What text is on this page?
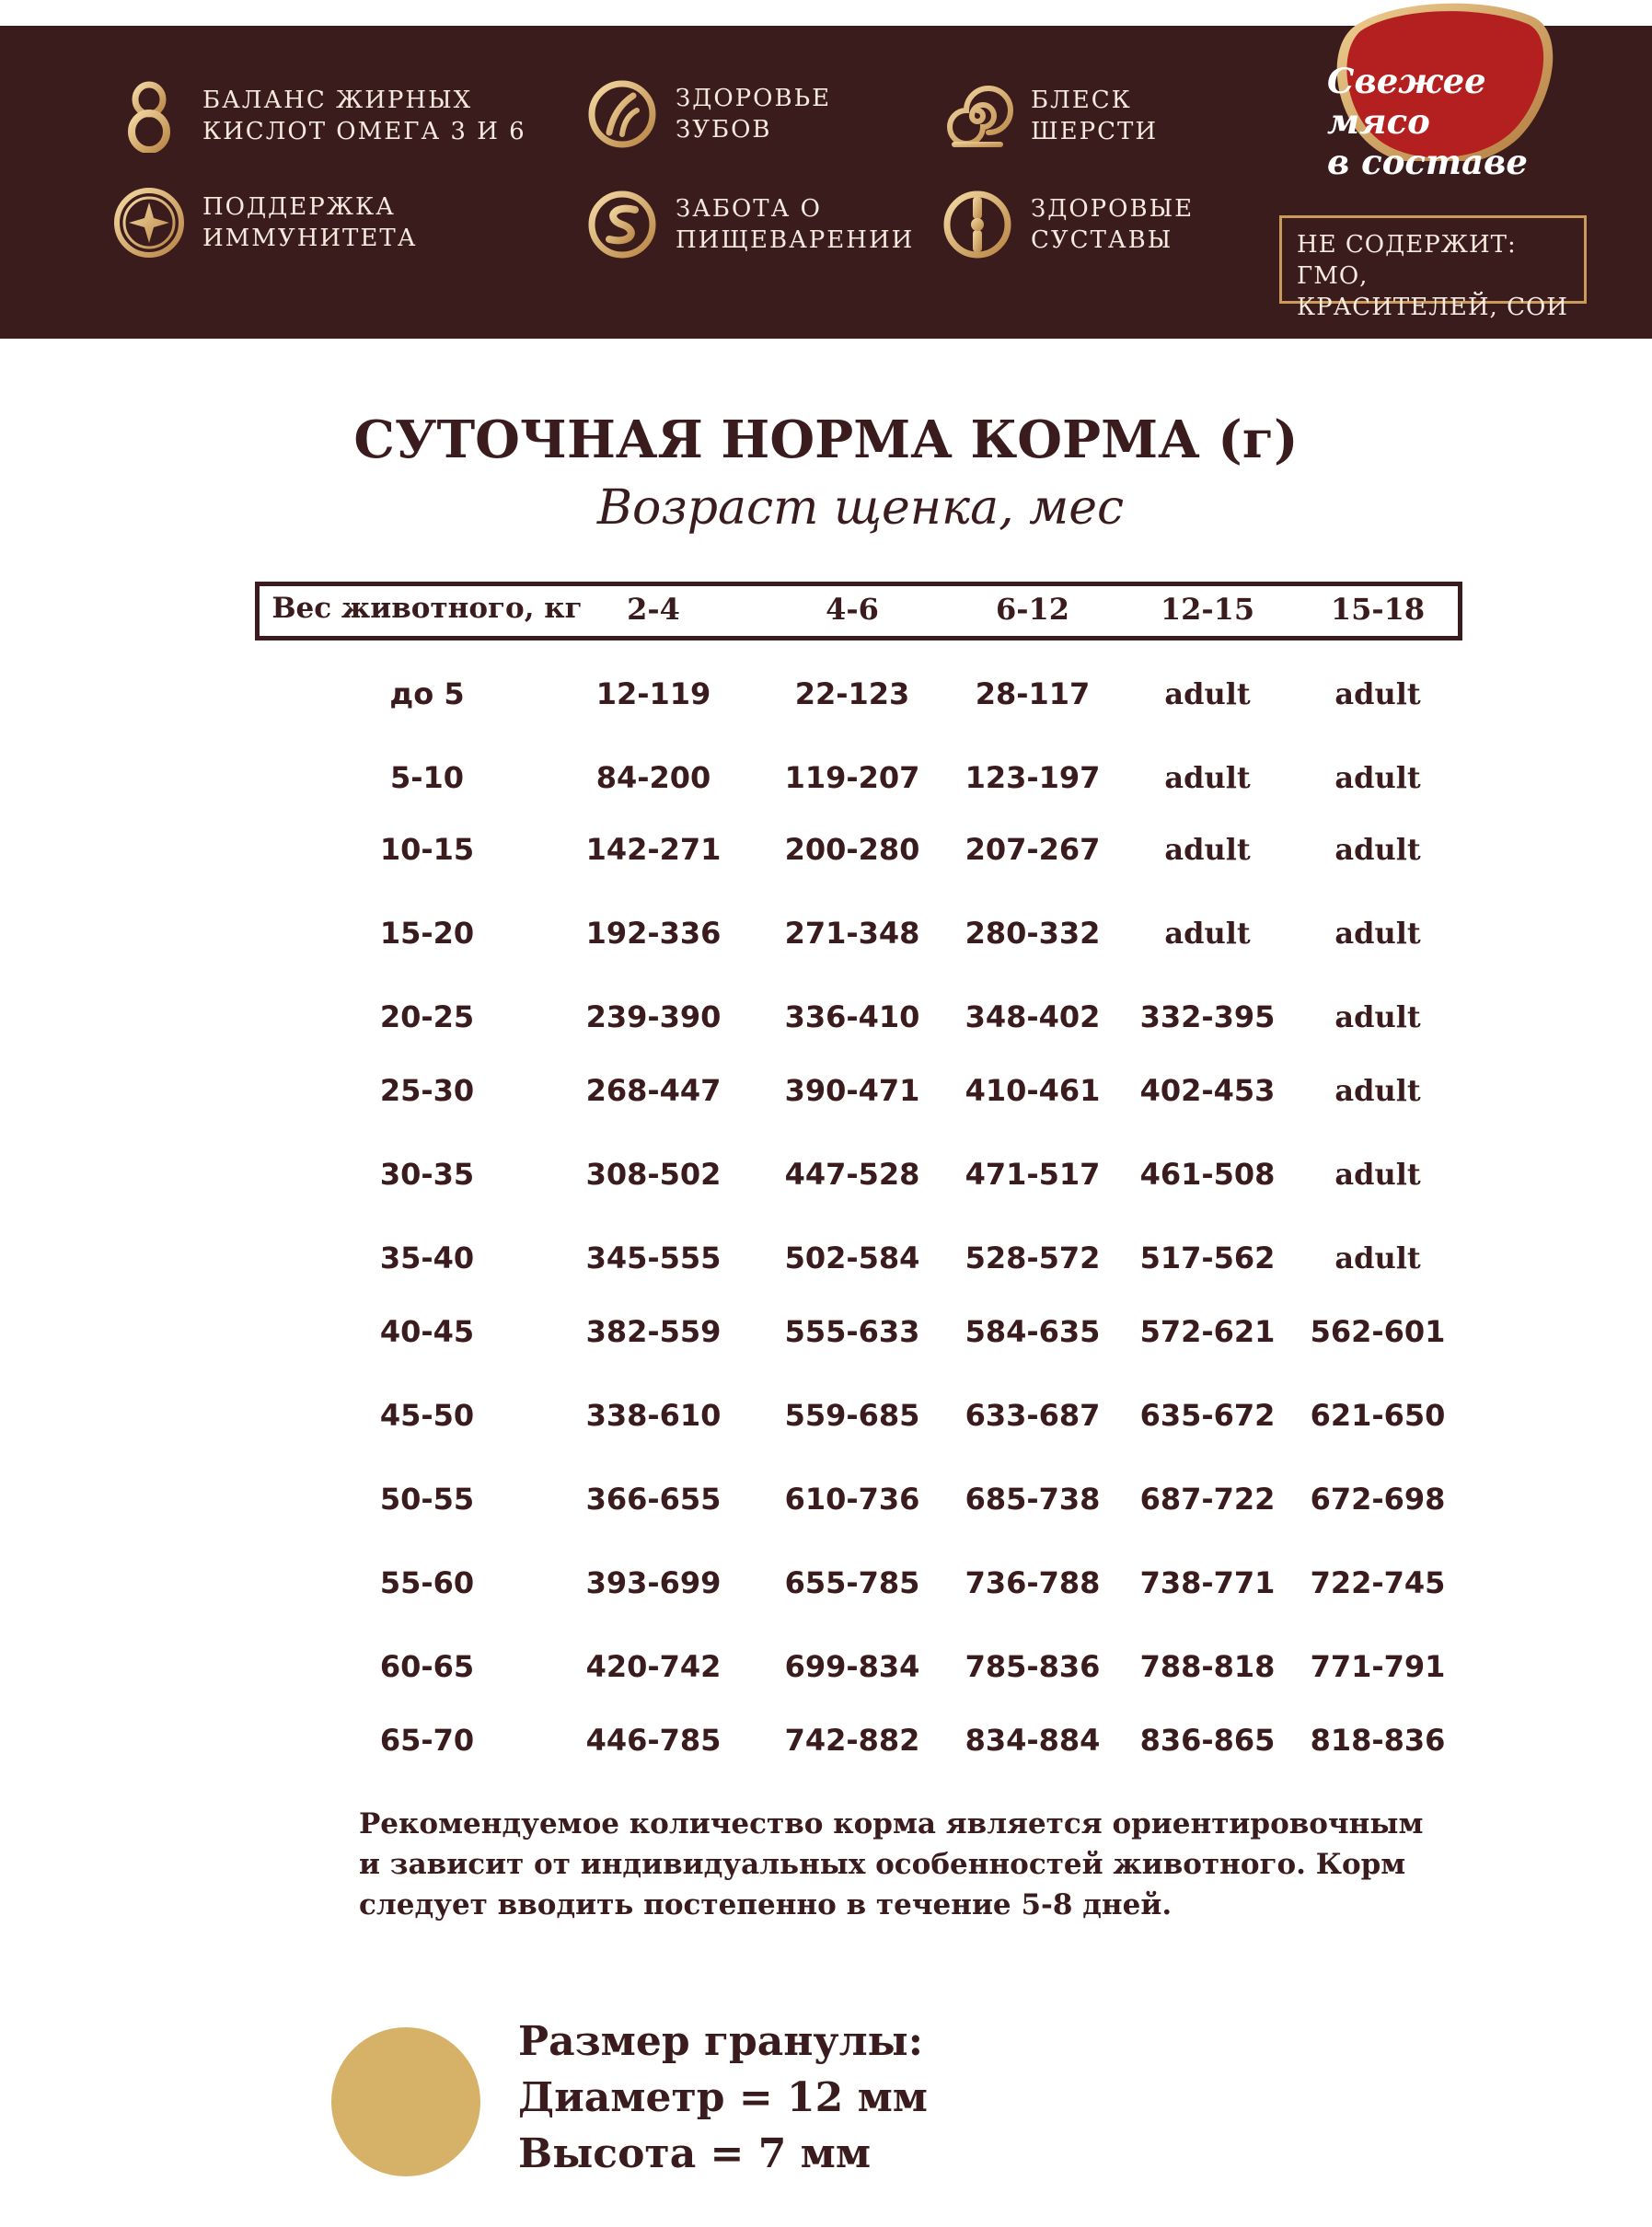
БАЛАНС ЖИРНЫХ
КИСЛОТ ОМЕГА 3 И 6
ЗДОРОВЬЕ
ЗУБОВ
БЛЕСК
ШЕРСТИ
ПОДДЕРЖКА
ИММУНИТЕТА
ЗАБОТА О
ПИЩЕВАРЕНИИ
ЗДОРОВЫЕ
СУСТАВЫ
Свежее мясо
в составе
НЕ СОДЕРЖИТ: ГМО,
КРАСИТЕЛЕЙ, СОИ
СУТОЧНАЯ НОРМА КОРМА (г)
Возраст щенка, мес
Вес животного, кг 2-4	4-6	6-12	12-15	15-18
до 5	12-119	22-123 28-117	adult	adult
5-10	84-200	119-207 123-197 adult	adult
10-15	142-271 200-280 207-267 adult	adult
15-20	192-336 271-348 280-332 adult	adult
20-25	239-390 336-410 348-402 332-395 adult
25-30	268-447 390-471 410-461 402-453 adult
30-35	308-502 447-528 471-517 461-508 adult
35-40	345-555 502-584 528-572 517-562 adult
40-45	382-559 555-633 584-635 572-621 562-601
45-50	338-610 559-685 633-687 635-672 621-650
50-55	366-655 610-736 685-738 687-722 672-698
55-60	393-699 655-785 736-788 738-771 722-745
60-65	420-742 699-834 785-836 788-818 771-791
65-70	446-785 742-882 834-884 836-865 818-836
Рекомендуемое количество корма является ориентировочным
и зависит от индивидуальных особенностей животного. Корм
следует вводить постепенно в течение 5-8 дней.
Размер гранулы:
Диаметр = 12 мм
Высота = 7 мм
